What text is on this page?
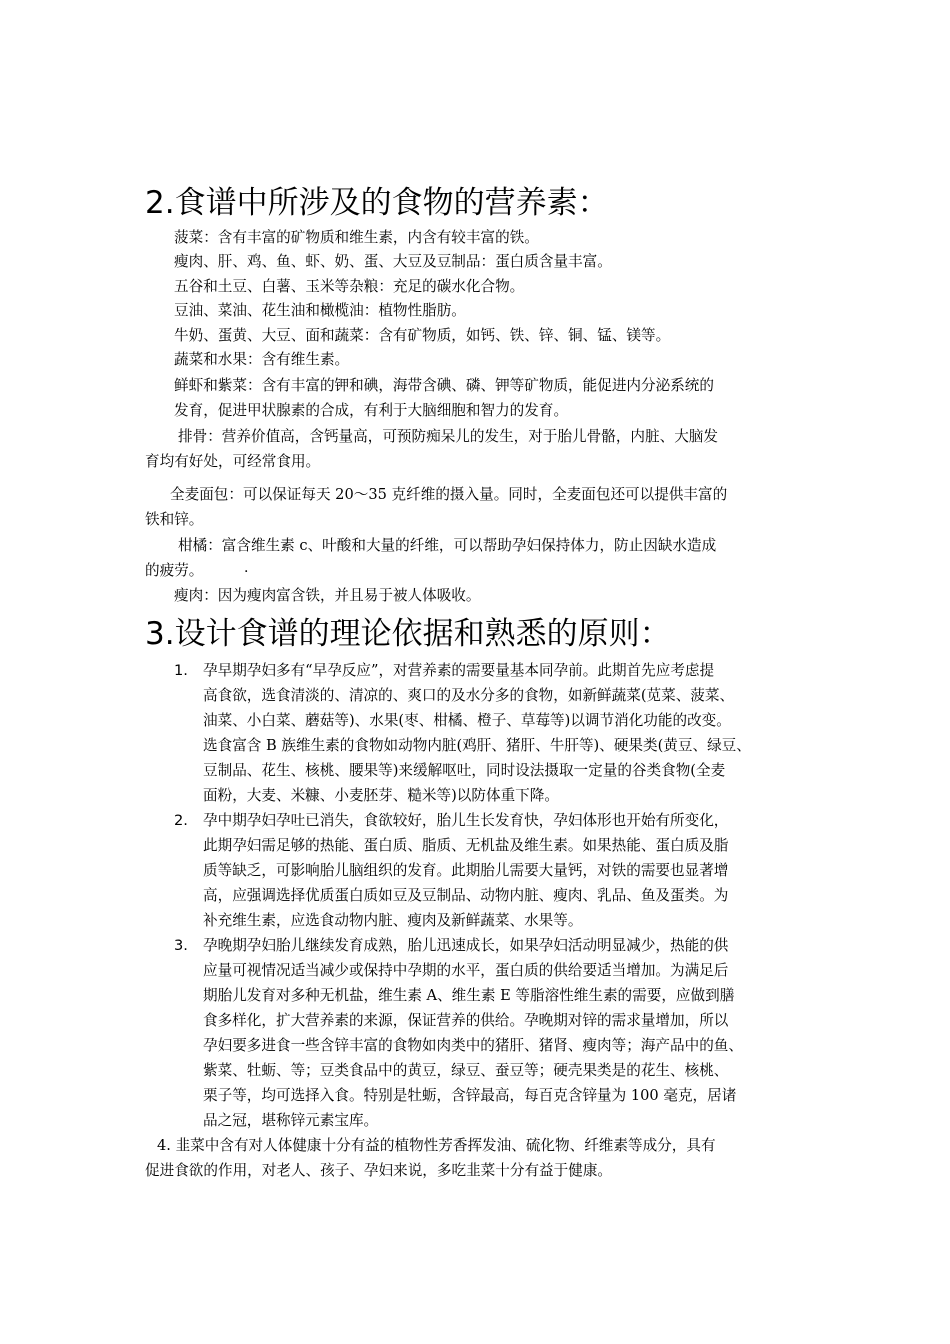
2.食谱中所涉及的食物的营养素：
菠菜：含有丰富的矿物质和维生素，内含有较丰富的铁。
瘦肉、肝、鸡、鱼、虾、奶、蛋、大豆及豆制品：蛋白质含量丰富。
五谷和土豆、白薯、玉米等杂粮：充足的碳水化合物。
豆油、菜油、花生油和橄榄油：植物性脂肪。
牛奶、蛋黄、大豆、面和蔬菜：含有矿物质，如钙、铁、锌、铜、锰、镁等。
蔬菜和水果：含有维生素。
鲜虾和紫菜：含有丰富的钾和碘，海带含碘、磷、钾等矿物质，能促进内分泌系统的
发育，促进甲状腺素的合成，有利于大脑细胞和智力的发育。
排骨：营养价值高，含钙量高，可预防痴呆儿的发生，对于胎儿骨骼，内脏、大脑发
育均有好处，可经常食用。
全麦面包：可以保证每天 20～35 克纤维的摄入量。同时，全麦面包还可以提供丰富的
铁和锌。
柑橘：富含维生素 c、叶酸和大量的纤维，可以帮助孕妇保持体力，防止因缺水造成
的疲劳。	·
瘦肉：因为瘦肉富含铁，并且易于被人体吸收。
3.设计食谱的理论依据和熟悉的原则：
1. 孕早期孕妇多有“早孕反应”，对营养素的需要量基本同孕前。此期首先应考虑提
高食欲，选食清淡的、清凉的、爽口的及水分多的食物，如新鲜蔬菜(苋菜、菠菜、
油菜、小白菜、蘑菇等)、水果(枣、柑橘、橙子、草莓等)以调节消化功能的改变。
选食富含 B 族维生素的食物如动物内脏(鸡肝、猪肝、牛肝等)、硬果类(黄豆、绿豆、
豆制品、花生、核桃、腰果等)来缓解呕吐，同时设法摄取一定量的谷类食物(全麦
面粉，大麦、米糠、小麦胚芽、糙米等)以防体重下降。
2. 孕中期孕妇孕吐已消失，食欲较好，胎儿生长发育快，孕妇体形也开始有所变化，
此期孕妇需足够的热能、蛋白质、脂质、无机盐及维生素。如果热能、蛋白质及脂
质等缺乏，可影响胎儿脑组织的发育。此期胎儿需要大量钙，对铁的需要也显著增
高，应强调选择优质蛋白质如豆及豆制品、动物内脏、瘦肉、乳品、鱼及蛋类。为
补充维生素，应选食动物内脏、瘦肉及新鲜蔬菜、水果等。
3. 孕晚期孕妇胎儿继续发育成熟，胎儿迅速成长，如果孕妇活动明显减少，热能的供
应量可视情况适当减少或保持中孕期的水平，蛋白质的供给要适当增加。为满足后
期胎儿发育对多种无机盐，维生素 A、维生素 E 等脂溶性维生素的需要，应做到膳
食多样化，扩大营养素的来源，保证营养的供给。孕晚期对锌的需求量增加，所以
孕妇要多进食一些含锌丰富的食物如肉类中的猪肝、猪肾、瘦肉等；海产品中的鱼、
紫菜、牡蛎、等；豆类食品中的黄豆，绿豆、蚕豆等；硬壳果类是的花生、核桃、
栗子等，均可选择入食。特别是牡蛎，含锌最高，每百克含锌量为 100 毫克，居诸
品之冠，堪称锌元素宝库。
4. 韭菜中含有对人体健康十分有益的植物性芳香挥发油、硫化物、纤维素等成分，具有
促进食欲的作用，对老人、孩子、孕妇来说，多吃韭菜十分有益于健康。
